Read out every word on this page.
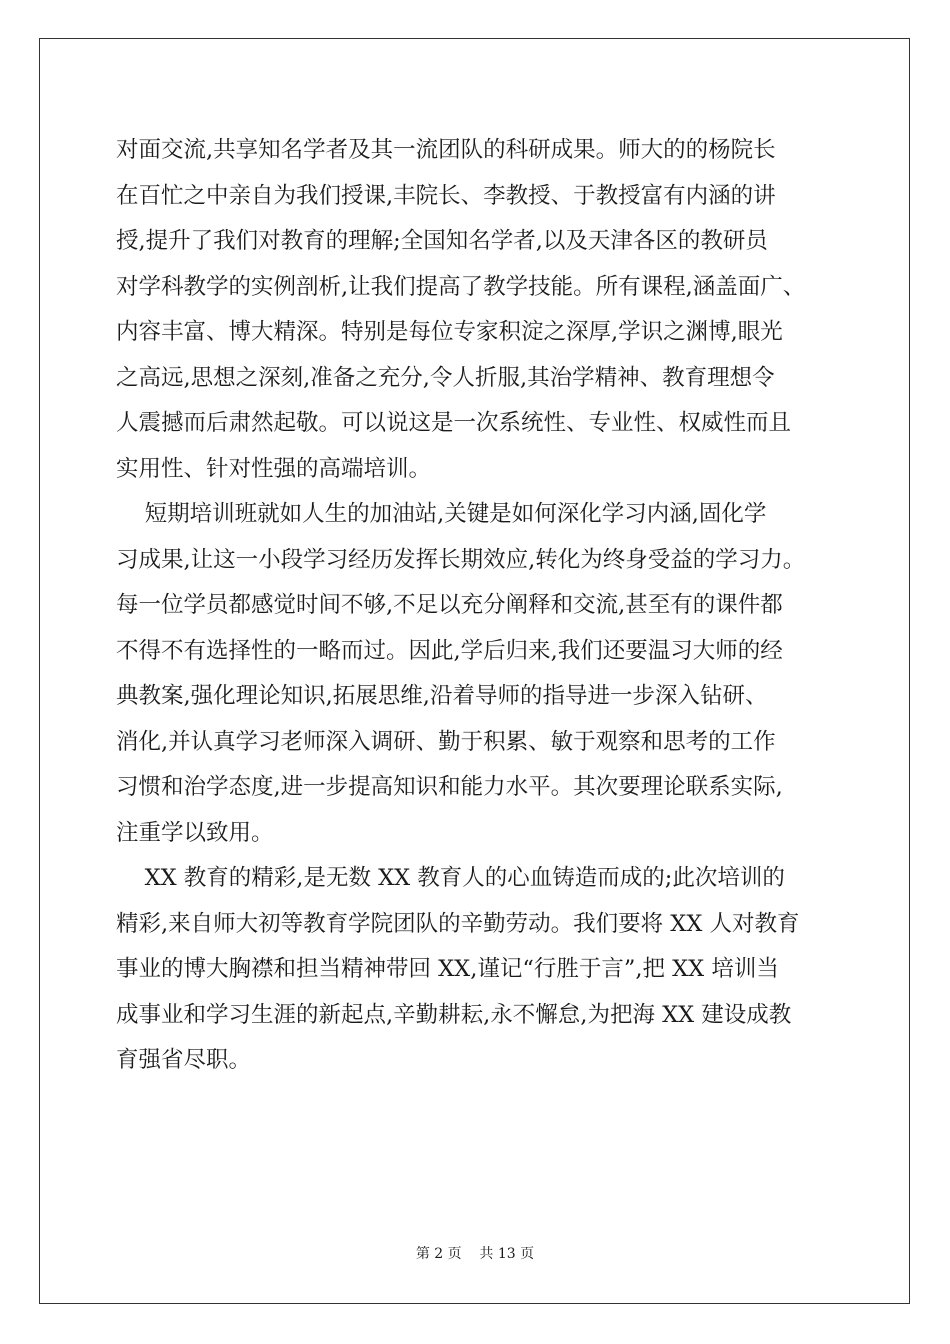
对面交流,共享知名学者及其一流团队的科研成果。师大的的杨院长
在百忙之中亲自为我们授课,丰院长、李教授、于教授富有内涵的讲
授,提升了我们对教育的理解;全国知名学者,以及天津各区的教研员
对学科教学的实例剖析,让我们提高了教学技能。所有课程,涵盖面广、
内容丰富、博大精深。特别是每位专家积淀之深厚,学识之渊博,眼光
之高远,思想之深刻,准备之充分,令人折服,其治学精神、教育理想令
人震撼而后肃然起敬。可以说这是一次系统性、专业性、权威性而且
实用性、针对性强的高端培训。
短期培训班就如人生的加油站,关键是如何深化学习内涵,固化学
习成果,让这一小段学习经历发挥长期效应,转化为终身受益的学习力。
每一位学员都感觉时间不够,不足以充分阐释和交流,甚至有的课件都
不得不有选择性的一略而过。因此,学后归来,我们还要温习大师的经
典教案,强化理论知识,拓展思维,沿着导师的指导进一步深入钻研、
消化,并认真学习老师深入调研、勤于积累、敏于观察和思考的工作
习惯和治学态度,进一步提高知识和能力水平。其次要理论联系实际,
注重学以致用。
XX 教育的精彩,是无数 XX 教育人的心血铸造而成的;此次培训的
精彩,来自师大初等教育学院团队的辛勤劳动。我们要将 XX 人对教育
事业的博大胸襟和担当精神带回 XX,谨记“行胜于言”,把 XX 培训当
成事业和学习生涯的新起点,辛勤耕耘,永不懈怠,为把海 XX 建设成教
育强省尽职。
第 2 页    共 13 页
